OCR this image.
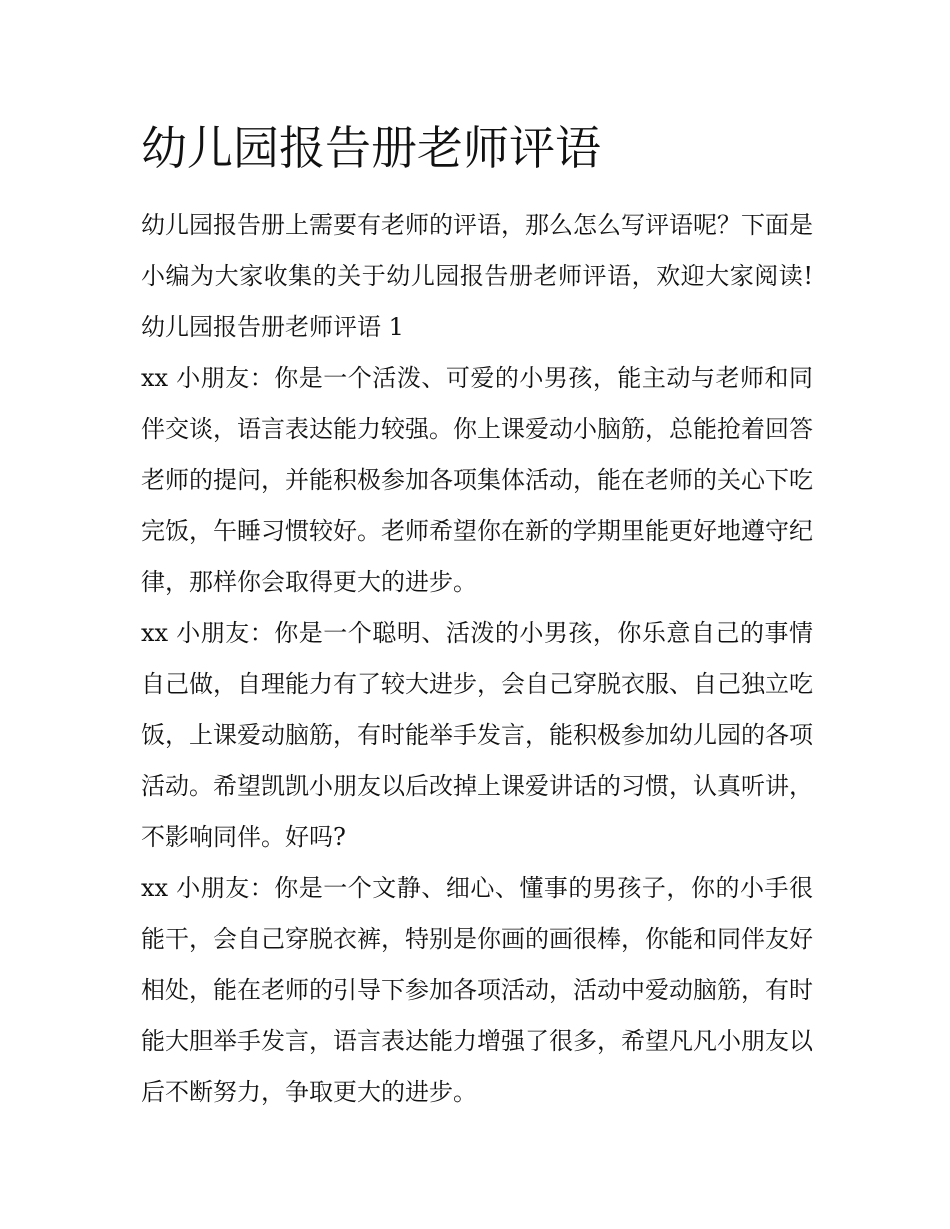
幼儿园报告册老师评语

幼儿园报告册上需要有老师的评语，那么怎么写评语呢？下面是小编为大家收集的关于幼儿园报告册老师评语，欢迎大家阅读! 幼儿园报告册老师评语 1

xx 小朋友：你是一个活泼、可爱的小男孩，能主动与老师和同伴交谈，语言表达能力较强。你上课爱动小脑筋，总能抢着回答老师的提问，并能积极参加各项集体活动，能在老师的关心下吃完饭，午睡习惯较好。老师希望你在新的学期里能更好地遵守纪律，那样你会取得更大的进步。

xx 小朋友：你是一个聪明、活泼的小男孩，你乐意自己的事情自己做，自理能力有了较大进步，会自己穿脱衣服、自己独立吃饭，上课爱动脑筋，有时能举手发言，能积极参加幼儿园的各项活动。希望凯凯小朋友以后改掉上课爱讲话的习惯，认真听讲，不影响同伴。好吗?

xx 小朋友：你是一个文静、细心、懂事的男孩子，你的小手很能干，会自己穿脱衣裤，特别是你画的画很棒，你能和同伴友好相处，能在老师的引导下参加各项活动，活动中爱动脑筋，有时能大胆举手发言，语言表达能力增强了很多，希望凡凡小朋友以后不断努力，争取更大的进步。
